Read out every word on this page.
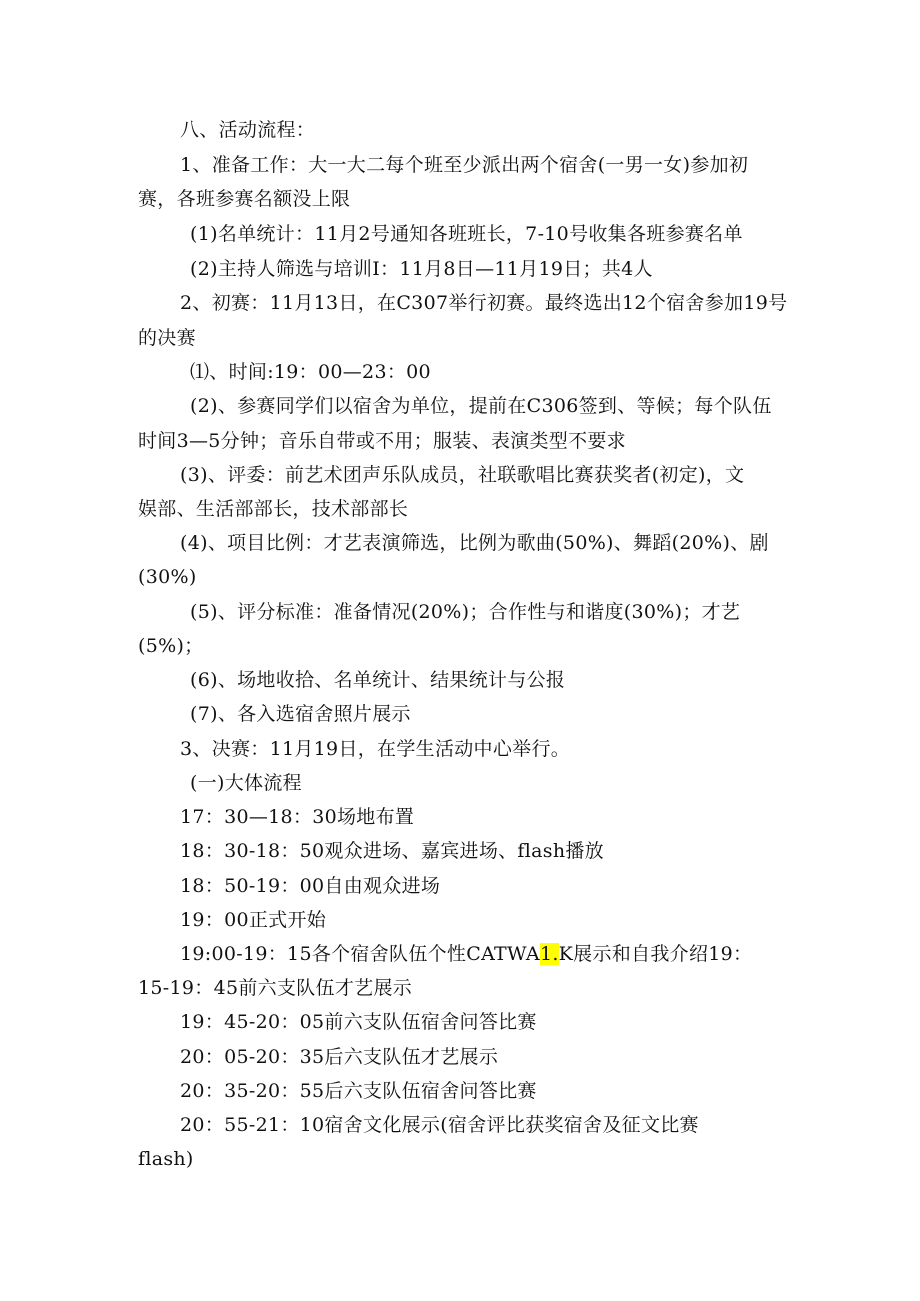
八、活动流程：
1、准备工作：大一大二每个班至少派出两个宿舍(一男一女)参加初
赛，各班参赛名额没上限
(1)名单统计：11月2号通知各班班长，7-10号收集各班参赛名单
(2)主持人筛选与培训I：11月8日—11月19日；共4人
2、初赛：11月13日，在C307举行初赛。最终选出12个宿舍参加19号
的决赛
⑴、时间:19：00—23：00
(2)、参赛同学们以宿舍为单位，提前在C306签到、等候；每个队伍
时间3—5分钟；音乐自带或不用；服装、表演类型不要求
(3)、评委：前艺术团声乐队成员，社联歌唱比赛获奖者(初定)，文
娱部、生活部部长，技术部部长
(4)、项目比例：才艺表演筛选，比例为歌曲(50%)、舞蹈(20%)、剧
(30%)
(5)、评分标准：准备情况(20%)；合作性与和谐度(30%)；才艺
(5%)；
(6)、场地收拾、名单统计、结果统计与公报
(7)、各入选宿舍照片展示
3、决赛：11月19日，在学生活动中心举行。
(一)大体流程
17：30—18：30场地布置
18：30-18：50观众进场、嘉宾进场、flash播放
18：50-19：00自由观众进场
19：00正式开始
19:00-19：15各个宿舍队伍个性CATWA1.K展示和自我介绍19：
15-19：45前六支队伍才艺展示
19：45-20：05前六支队伍宿舍问答比赛
20：05-20：35后六支队伍才艺展示
20：35-20：55后六支队伍宿舍问答比赛
20：55-21：10宿舍文化展示(宿舍评比获奖宿舍及征文比赛
flash)
